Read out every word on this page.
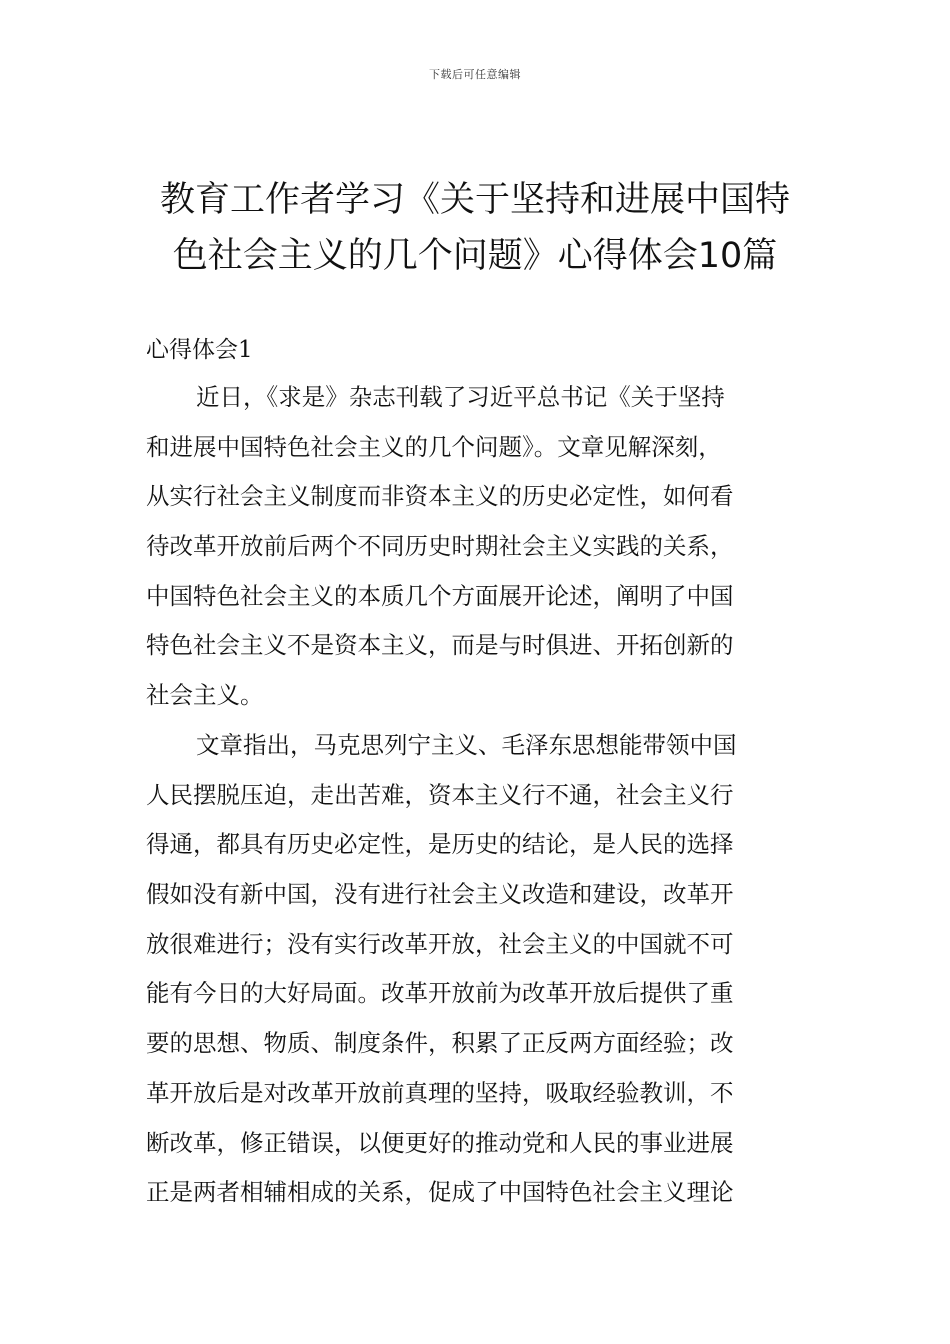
下载后可任意编辑
教育工作者学习《关于坚持和进展中国特
色社会主义的几个问题》心得体会10篇
心得体会1
近日，《求是》杂志刊载了习近平总书记《关于坚持
和进展中国特色社会主义的几个问题》。文章见解深刻，
从实行社会主义制度而非资本主义的历史必定性，如何看
待改革开放前后两个不同历史时期社会主义实践的关系，
中国特色社会主义的本质几个方面展开论述，阐明了中国
特色社会主义不是资本主义，而是与时俱进、开拓创新的
社会主义。
文章指出，马克思列宁主义、毛泽东思想能带领中国
人民摆脱压迫，走出苦难，资本主义行不通，社会主义行
得通，都具有历史必定性，是历史的结论，是人民的选择
假如没有新中国，没有进行社会主义改造和建设，改革开
放很难进行；没有实行改革开放，社会主义的中国就不可
能有今日的大好局面。改革开放前为改革开放后提供了重
要的思想、物质、制度条件，积累了正反两方面经验；改
革开放后是对改革开放前真理的坚持，吸取经验教训，不
断改革，修正错误，以便更好的推动党和人民的事业进展
正是两者相辅相成的关系，促成了中国特色社会主义理论
